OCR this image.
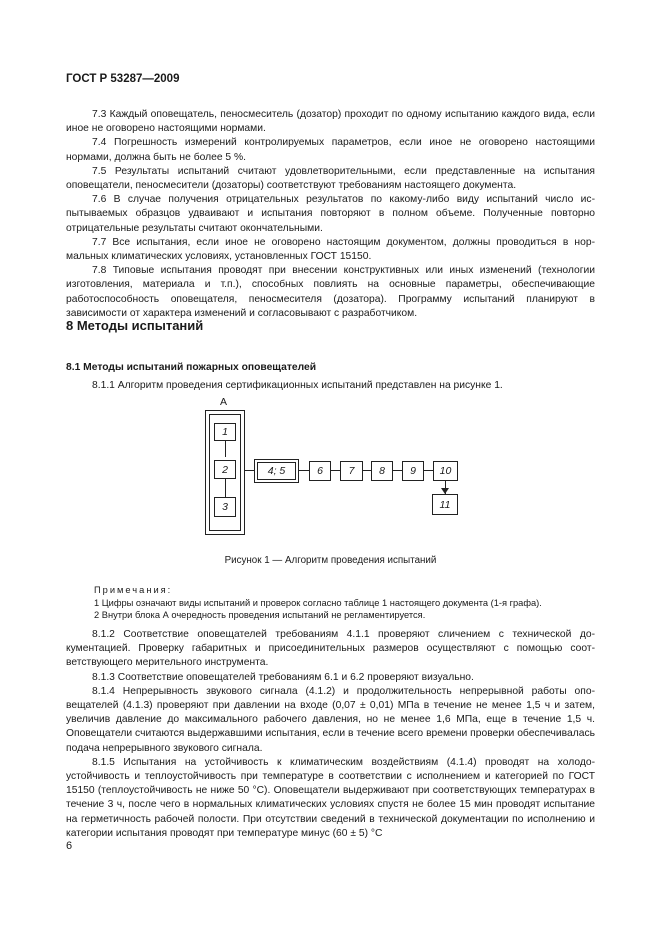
ГОСТ Р 53287—2009

7.3 Каждый оповещатель, пеносмеситель (дозатор) проходит по одному испытанию каждого вида, если иное не оговорено настоящими нормами.

7.4 Погрешность измерений контролируемых параметров, если иное не оговорено настоящими нормами, должна быть не более 5 %.

7.5 Результаты испытаний считают удовлетворительными, если представленные на испытания оповещатели, пеносмесители (дозаторы) соответствуют требованиям настоящего документа.

7.6 В случае получения отрицательных результатов по какому-либо виду испытаний число испытываемых образцов удваивают и испытания повторяют в полном объеме. Полученные повторно отрицательные результаты считают окончательными.

7.7 Все испытания, если иное не оговорено настоящим документом, должны проводиться в нормальных климатических условиях, установленных ГОСТ 15150.

7.8 Типовые испытания проводят при внесении конструктивных или иных изменений (технологии изготовления, материала и т.п.), способных повлиять на основные параметры, обеспечивающие работоспособность оповещателя, пеносмесителя (дозатора). Программу испытаний планируют в зависимости от характера изменений и согласовывают с разработчиком.

8 Методы испытаний
8.1 Методы испытаний пожарных оповещателей

8.1.1 Алгоритм проведения сертификационных испытаний представлен на рисунке 1.

А
1
2
3
4; 5	6	7	8	9	10
11
Рисунок 1 — Алгоритм проведения испытаний
Примечания:
1 Цифры означают виды испытаний и проверок согласно таблице 1 настоящего документа (1-я графа).
2 Внутри блока А очередность проведения испытаний не регламентируется.

8.1.2 Соответствие оповещателей требованиям 4.1.1 проверяют сличением с технической документацией. Проверку габаритных и присоединительных размеров осуществляют с помощью соответствующего мерительного инструмента.

8.1.3 Соответствие оповещателей требованиям 6.1 и 6.2 проверяют визуально.

8.1.4 Непрерывность звукового сигнала (4.1.2) и продолжительность непрерывной работы оповещателей (4.1.3) проверяют при давлении на входе (0,07 ± 0,01) МПа в течение не менее 1,5 ч и затем, увеличив давление до максимального рабочего давления, но не менее 1,6 МПа, еще в течение 1,5 ч. Оповещатели считаются выдержавшими испытания, если в течение всего времени проверки обеспечивалась подача непрерывного звукового сигнала.

8.1.5 Испытания на устойчивость к климатическим воздействиям (4.1.4) проводят на холодоустойчивость и теплоустойчивость при температуре в соответствии с исполнением и категорией по ГОСТ 15150 (теплоустойчивость не ниже 50 °С). Оповещатели выдерживают при соответствующих температурах в течение 3 ч, после чего в нормальных климатических условиях спустя не более 15 мин проводят испытание на герметичность рабочей полости. При отсутствии сведений в технической документации по исполнению и категории испытания проводят при температуре минус (60 ± 5) °С

6
